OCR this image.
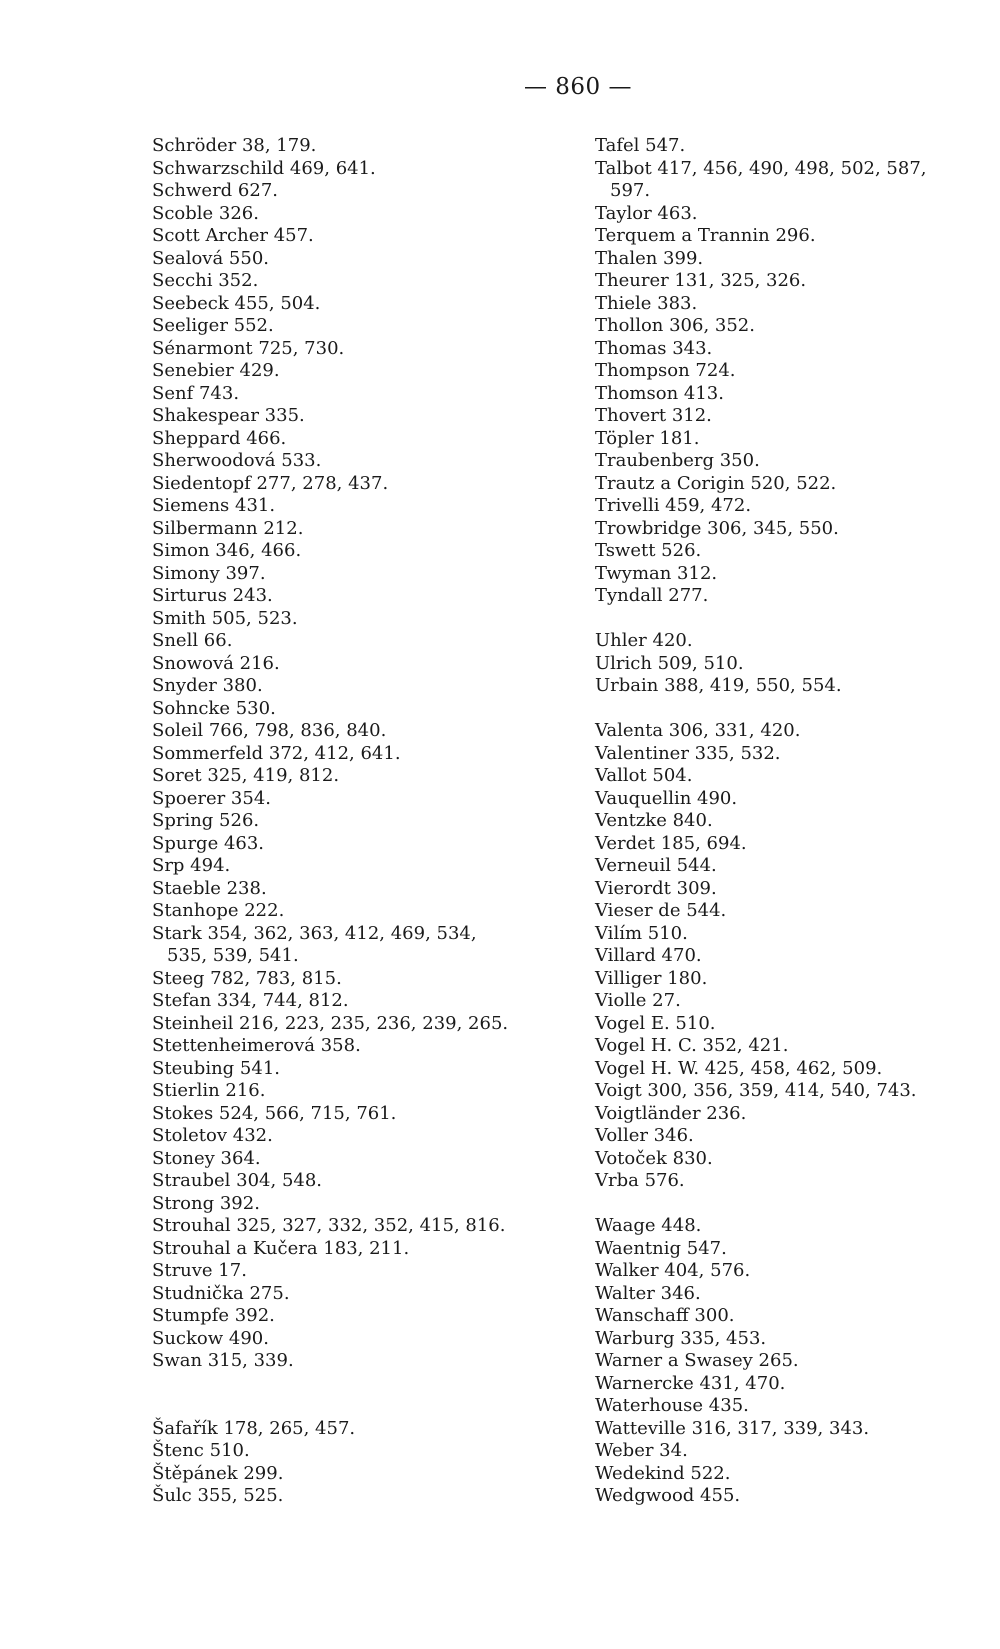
— 860 —
Schröder 38, 179.
Schwarzschild 469, 641.
Schwerd 627.
Scoble 326.
Scott Archer 457.
Sealová 550.
Secchi 352.
Seebeck 455, 504.
Seeliger 552.
Sénarmont 725, 730.
Senebier 429.
Senf 743.
Shakespear 335.
Sheppard 466.
Sherwoodová 533.
Siedentopf 277, 278, 437.
Siemens 431.
Silbermann 212.
Simon 346, 466.
Simony 397.
Sirturus 243.
Smith 505, 523.
Snell 66.
Snowová 216.
Snyder 380.
Sohncke 530.
Soleil 766, 798, 836, 840.
Sommerfeld 372, 412, 641.
Soret 325, 419, 812.
Spoerer 354.
Spring 526.
Spurge 463.
Srp 494.
Staeble 238.
Stanhope 222.
Stark 354, 362, 363, 412, 469, 534,
535, 539, 541.
Steeg 782, 783, 815.
Stefan 334, 744, 812.
Steinheil 216, 223, 235, 236, 239, 265.
Stettenheimerová 358.
Steubing 541.
Stierlin 216.
Stokes 524, 566, 715, 761.
Stoletov 432.
Stoney 364.
Straubel 304, 548.
Strong 392.
Strouhal 325, 327, 332, 352, 415, 816.
Strouhal a Kučera 183, 211.
Struve 17.
Studnička 275.
Stumpfe 392.
Suckow 490.
Swan 315, 339.
Šafařík 178, 265, 457.
Štenc 510.
Štěpánek 299.
Šulc 355, 525.
Tafel 547.
Talbot 417, 456, 490, 498, 502, 587,
597.
Taylor 463.
Terquem a Trannin 296.
Thalen 399.
Theurer 131, 325, 326.
Thiele 383.
Thollon 306, 352.
Thomas 343.
Thompson 724.
Thomson 413.
Thovert 312.
Töpler 181.
Traubenberg 350.
Trautz a Corigin 520, 522.
Trivelli 459, 472.
Trowbridge 306, 345, 550.
Tswett 526.
Twyman 312.
Tyndall 277.
Uhler 420.
Ulrich 509, 510.
Urbain 388, 419, 550, 554.
Valenta 306, 331, 420.
Valentiner 335, 532.
Vallot 504.
Vauquellin 490.
Ventzke 840.
Verdet 185, 694.
Verneuil 544.
Vierordt 309.
Vieser de 544.
Vilím 510.
Villard 470.
Villiger 180.
Violle 27.
Vogel E. 510.
Vogel H. C. 352, 421.
Vogel H. W. 425, 458, 462, 509.
Voigt 300, 356, 359, 414, 540, 743.
Voigtländer 236.
Voller 346.
Votoček 830.
Vrba 576.
Waage 448.
Waentnig 547.
Walker 404, 576.
Walter 346.
Wanschaff 300.
Warburg 335, 453.
Warner a Swasey 265.
Warnercke 431, 470.
Waterhouse 435.
Watteville 316, 317, 339, 343.
Weber 34.
Wedekind 522.
Wedgwood 455.
